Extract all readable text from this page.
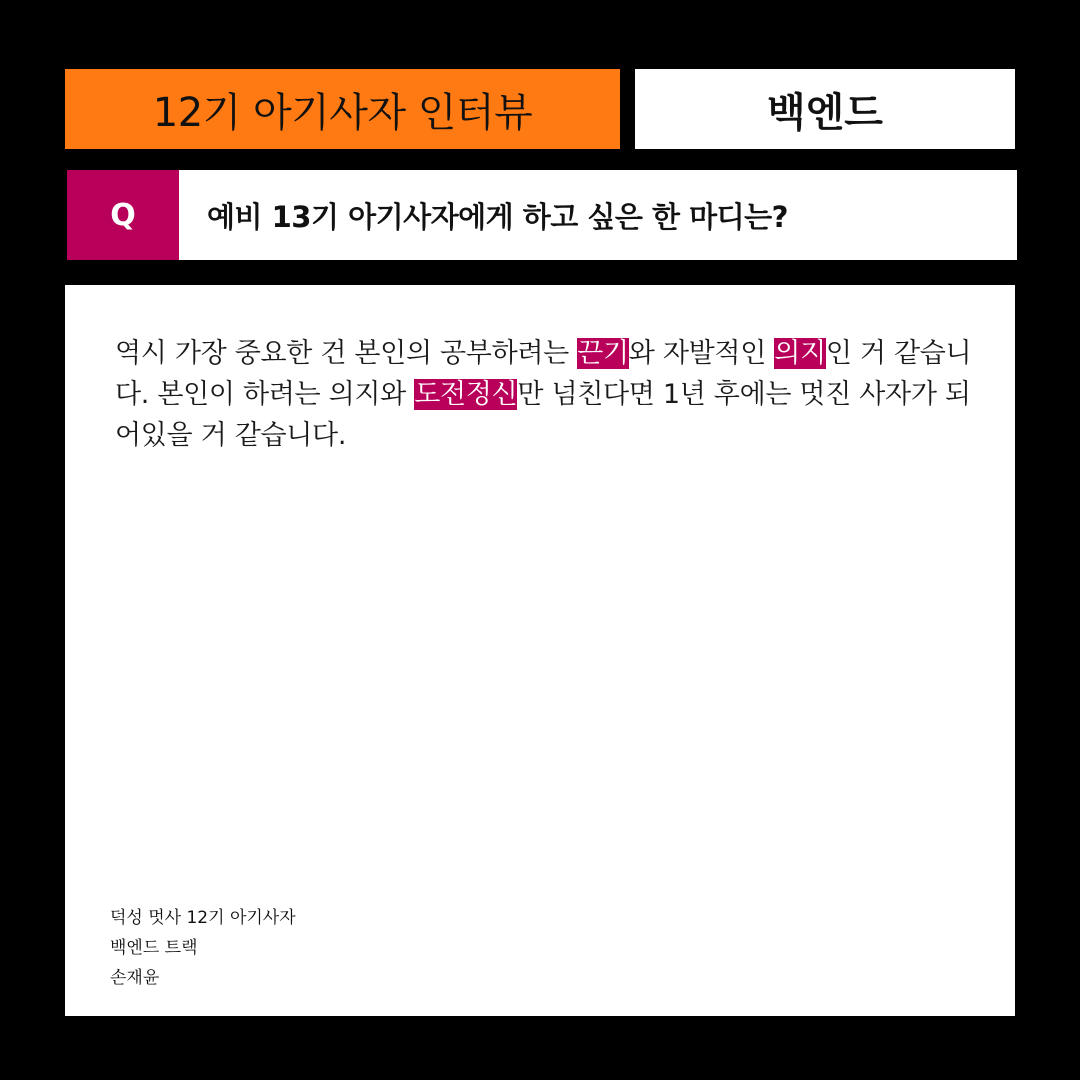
12기 아기사자 인터뷰	백엔드
Q 예비 13기 아기사자에게 하고 싶은 한 마디는?
역시 가장 중요한 건 본인의 공부하려는 끈기와 자발적인 의지인 거 같습니다. 본인이 하려는 의지와 도전정신만 넘친다면 1년 후에는 멋진 사자가 되어있을 거 같습니다.
덕성 멋사 12기 아기사자
백엔드 트랙
손재윤
